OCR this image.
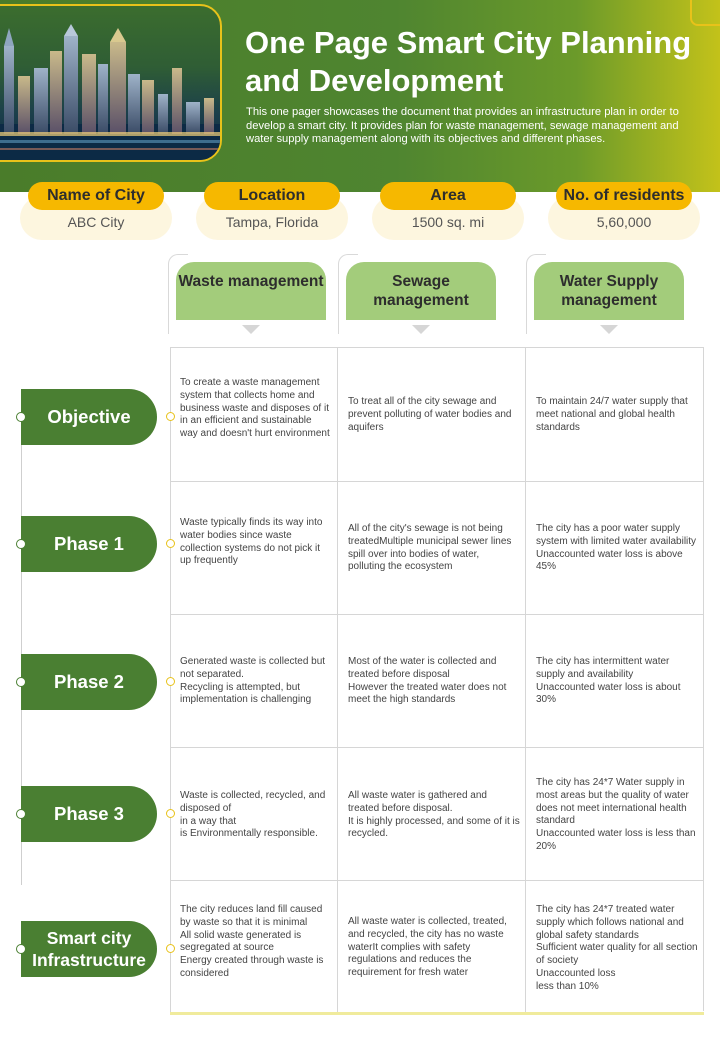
One Page Smart City Planning and Development
This one pager showcases the document that provides an infrastructure plan in order to develop a smart city. It provides plan for waste management, sewage management and water supply management along with its objectives and different phases.
Name of City
ABC City
Location
Tampa, Florida
Area
1500 sq. mi
No. of residents
5,60,000
Waste management	Sewage management
Water Supply management
To create a waste management system that collects home and business waste and disposes of it in an efficient and sustainable way and doesn't hurt environment
To treat all of the city sewage and prevent polluting of water bodies and aquifers
To maintain 24/7 water supply that meet national and global health standards
Waste typically finds its way into water bodies since waste collection systems do not pick it up frequently
All of the city's sewage is not being treatedMultiple municipal sewer lines spill over into bodies of water, polluting the ecosystem
The city has a poor water supply system with limited water availability Unaccounted water loss is above 45%
Generated waste is collected but not separated.
Recycling is attempted, but implementation is challenging
Most of the water is collected and treated before disposal
However the treated water does not meet the high standards
The city has intermittent water supply and availability
Unaccounted water loss is about 30%
Waste is collected, recycled, and disposed of
in a way that
is Environmentally responsible.
All waste water is gathered and treated before disposal.
It is highly processed, and some of it is recycled.
The city has 24*7 Water supply in most areas but the quality of water does not meet international health standard
Unaccounted water loss is less than 20%
The city reduces land fill caused by waste so that it is minimal
All solid waste generated is segregated at source
Energy created through waste is considered
All waste water is collected, treated, and recycled, the city has no waste waterIt complies with safety regulations and reduces the requirement for fresh water
The city has 24*7 treated water supply which follows national and global safety standards
Sufficient water quality for all section of society
Unaccounted loss
less than 10%
Objective
Phase 1
Phase 2
Phase 3
Smart city Infrastructure
